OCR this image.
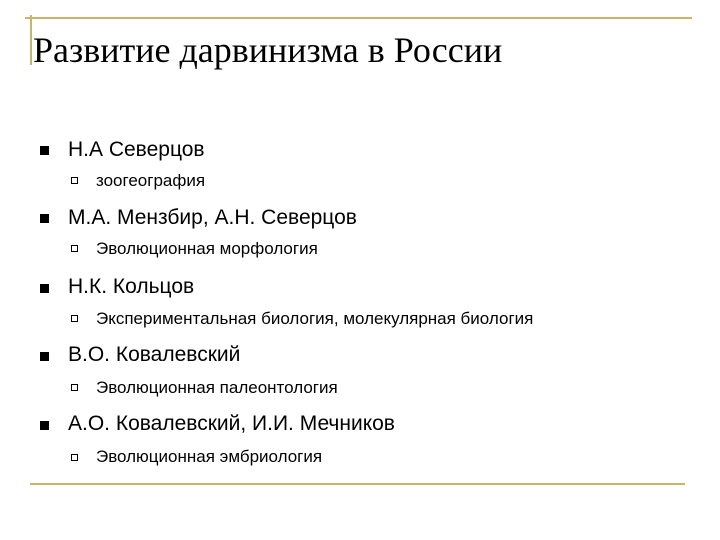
Развитие дарвинизма в России
Н.А Северцов
зоогеография
М.А. Мензбир, А.Н. Северцов
Эволюционная морфология
Н.К. Кольцов
Экспериментальная биология, молекулярная биология
В.О. Ковалевский
Эволюционная палеонтология
А.О. Ковалевский, И.И. Мечников
Эволюционная эмбриология
